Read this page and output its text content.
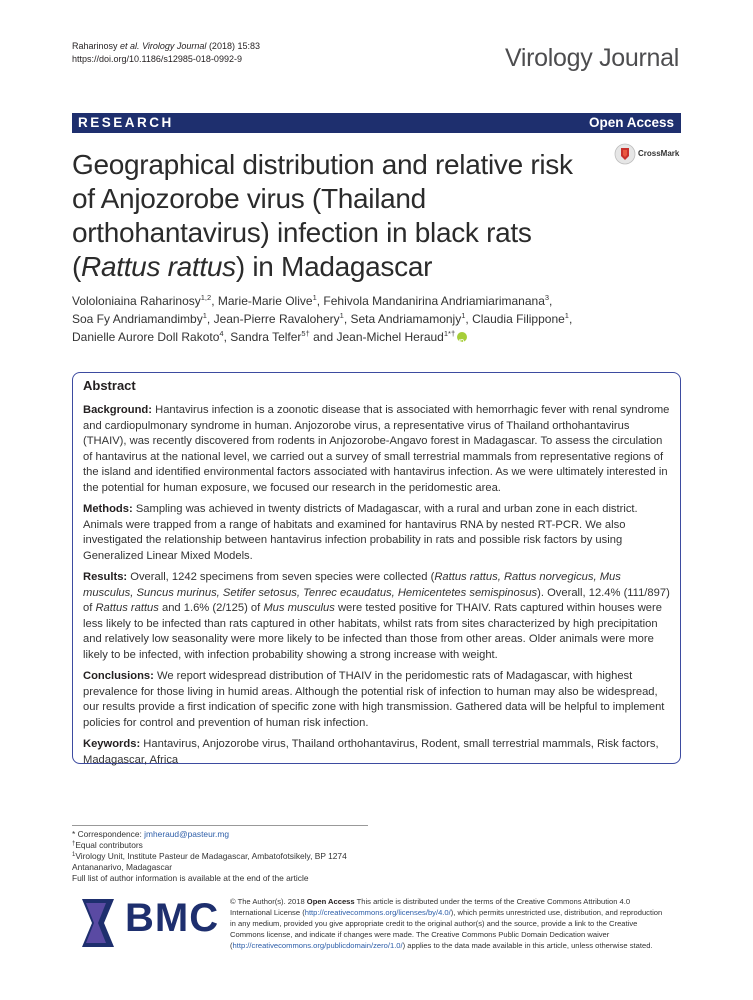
Raharinosy et al. Virology Journal (2018) 15:83
https://doi.org/10.1186/s12985-018-0992-9	Virology Journal
RESEARCH	Open Access
Geographical distribution and relative risk of Anjozorobe virus (Thailand orthohantavirus) infection in black rats (Rattus rattus) in Madagascar
CrossMark
Vololoniaina Raharinosy$^{1,2}$, Marie-Marie Olive$^1$, Fehivola Mandanirina Andriamiarimanana$^3$,
Soa Fy Andriamandimby$^1$, Jean-Pierre Ravalohery$^1$, Seta Andriamamonjy$^1$, Claudia Filippone$^1$,
Danielle Aurore Doll Rakoto$^4$, Sandra Telfer$^{5\dagger}$ and Jean-Michel Heraud$^{1*\dagger}$iD
Abstract

Background: Hantavirus infection is a zoonotic disease that is associated with hemorrhagic fever with renal syndrome and cardiopulmonary syndrome in human. Anjozorobe virus, a representative virus of Thailand orthohantavirus (THAIV), was recently discovered from rodents in Anjozorobe-Angavo forest in Madagascar. To assess the circulation of hantavirus at the national level, we carried out a survey of small terrestrial mammals from representative regions of the island and identified environmental factors associated with hantavirus infection. As we were ultimately interested in the potential for human exposure, we focused our research in the peridomestic area.

Methods: Sampling was achieved in twenty districts of Madagascar, with a rural and urban zone in each district. Animals were trapped from a range of habitats and examined for hantavirus RNA by nested RT-PCR. We also investigated the relationship between hantavirus infection probability in rats and possible risk factors by using Generalized Linear Mixed Models.

Results: Overall, 1242 specimens from seven species were collected (Rattus rattus, Rattus norvegicus, Mus musculus, Suncus murinus, Setifer setosus, Tenrec ecaudatus, Hemicentetes semispinosus). Overall, 12.4% (111/897) of Rattus rattus and 1.6% (2/125) of Mus musculus were tested positive for THAIV. Rats captured within houses were less likely to be infected than rats captured in other habitats, whilst rats from sites characterized by high precipitation and relatively low seasonality were more likely to be infected than those from other areas. Older animals were more likely to be infected, with infection probability showing a strong increase with weight.

Conclusions: We report widespread distribution of THAIV in the peridomestic rats of Madagascar, with highest prevalence for those living in humid areas. Although the potential risk of infection to human may also be widespread, our results provide a first indication of specific zone with high transmission. Gathered data will be helpful to implement policies for control and prevention of human risk infection.

Keywords: Hantavirus, Anjozorobe virus, Thailand orthohantavirus, Rodent, small terrestrial mammals, Risk factors, Madagascar, Africa

* Correspondence: jmheraud@pasteur.mg
†Equal contributors
$^1$Virology Unit, Institute Pasteur de Madagascar, Ambatofotsikely, BP 1274
Antananarivo, Madagascar
Full list of author information is available at the end of the article
BMC © The Author(s). 2018 Open Access This article is distributed under the terms of the Creative Commons Attribution 4.0 International License (http://creativecommons.org/licenses/by/4.0/), which permits unrestricted use, distribution, and reproduction in any medium, provided you give appropriate credit to the original author(s) and the source, provide a link to the Creative Commons license, and indicate if changes were made. The Creative Commons Public Domain Dedication waiver (http://creativecommons.org/publicdomain/zero/1.0/) applies to the data made available in this article, unless otherwise stated.
